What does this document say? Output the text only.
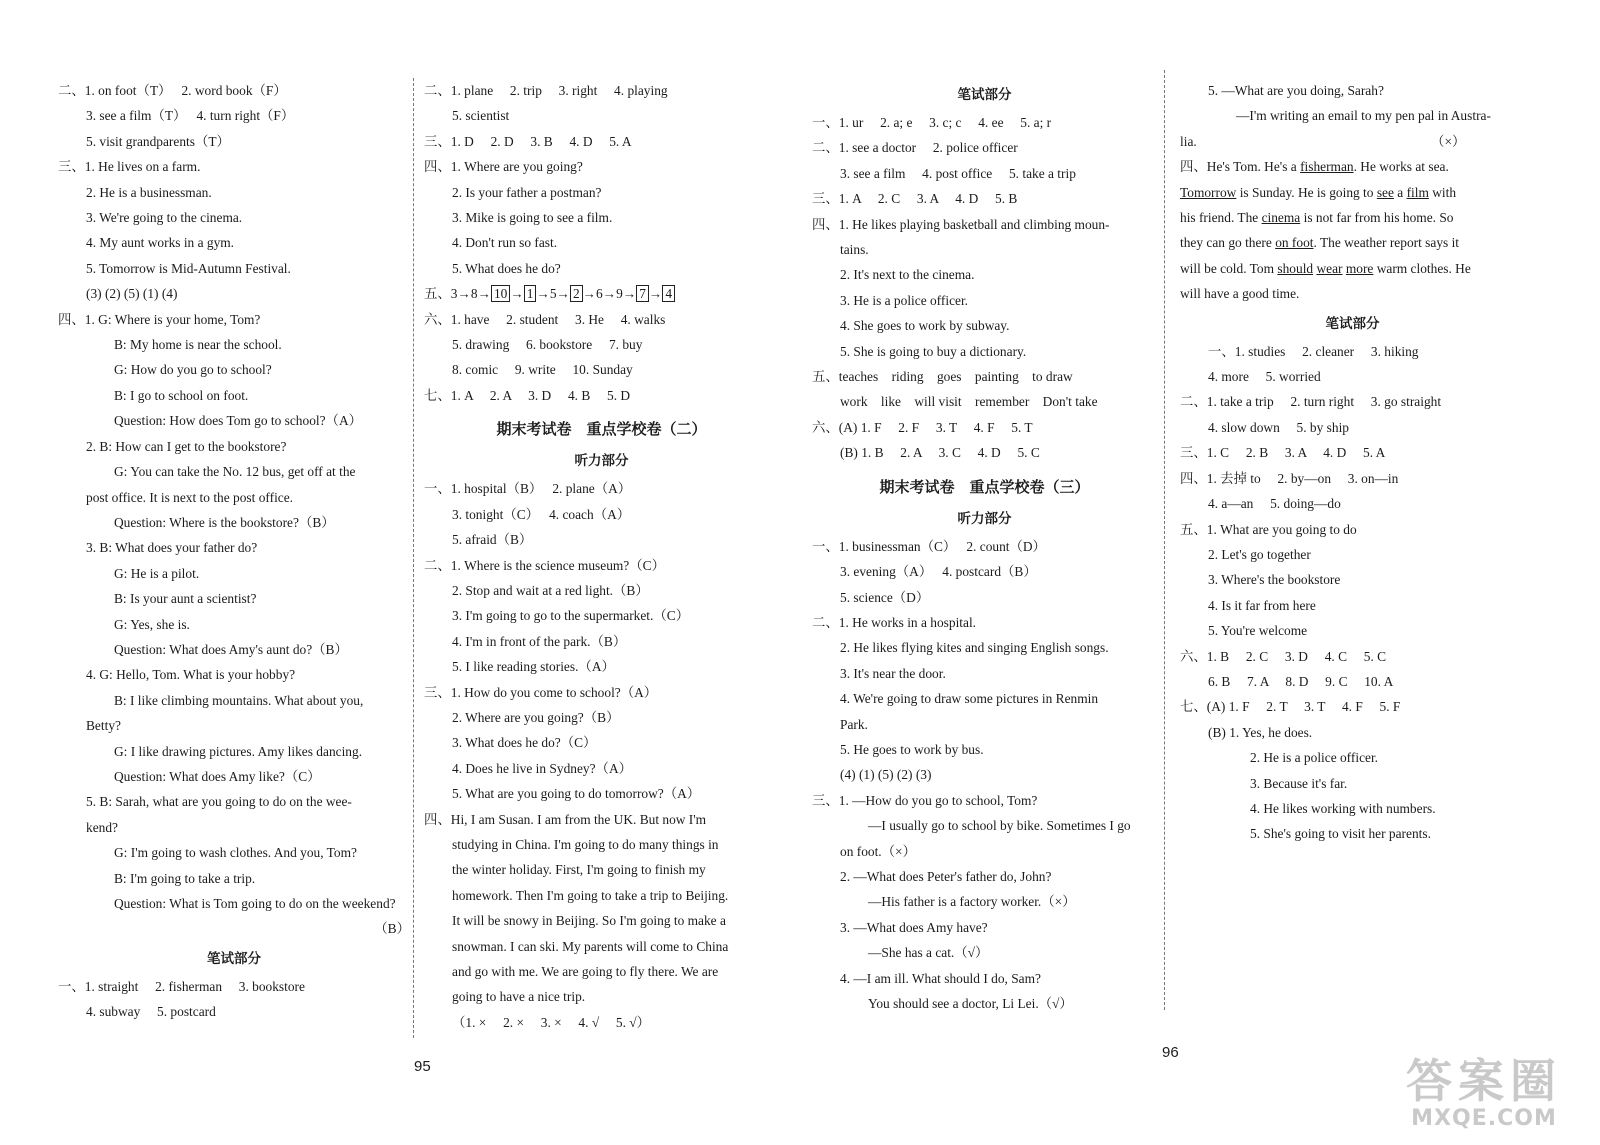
二、1. on foot（T）　 2. word book（F）
3. see a film（T）　 4. turn right（F）
5. visit grandparents（T）
三、1. He lives on a farm.
2. He is a businessman.
3. We're going to the cinema.
4. My aunt works in a gym.
5. Tomorrow is Mid-Autumn Festival.
(3) (2) (5) (1) (4)
四、1. G: Where is your home, Tom?
B: My home is near the school.
G: How do you go to school?
B: I go to school on foot.
Question: How does Tom go to school?（A）
2. B: How can I get to the bookstore?
G: You can take the No. 12 bus, get off at the
post office. It is next to the post office.
Question: Where is the bookstore?（B）
3. B: What does your father do?
G: He is a pilot.
B: Is your aunt a scientist?
G: Yes, she is.
Question: What does Amy's aunt do?（B）
4. G: Hello, Tom. What is your hobby?
B: I like climbing mountains. What about you,
Betty?
G: I like drawing pictures. Amy likes dancing.
Question: What does Amy like?（C）
5. B: Sarah, what are you going to do on the wee-
kend?
G: I'm going to wash clothes. And you, Tom?
B: I'm going to take a trip.
Question: What is Tom going to do on the weekend?
（B）
笔试部分
一、1. straight　 2. fisherman　 3. bookstore
4. subway　 5. postcard
二、1. plane　 2. trip　 3. right　 4. playing
5. scientist
三、1. D　 2. D　 3. B　 4. D　 5. A
四、1. Where are you going?
2. Is your father a postman?
3. Mike is going to see a film.
4. Don't run so fast.
5. What does he do?
五、3→8→ 10 → 1 →5→ 2 →6→9→ 7 → 4
六、1. have　 2. student　 3. He　 4. walks
5. drawing　 6. bookstore　 7. buy
8. comic　 9. write　 10. Sunday
七、1. A　 2. A　 3. D　 4. B　 5. D
期末考试卷　重点学校卷（二）
听力部分
一、1. hospital（B）　 2. plane（A）
3. tonight（C）　 4. coach（A）
5. afraid（B）
二、1. Where is the science museum?（C）
2. Stop and wait at a red light.（B）
3. I'm going to go to the supermarket.（C）
4. I'm in front of the park.（B）
5. I like reading stories.（A）
三、1. How do you come to school?（A）
2. Where are you going?（B）
3. What does he do?（C）
4. Does he live in Sydney?（A）
5. What are you going to do tomorrow?（A）
四、Hi, I am Susan. I am from the UK. But now I'm
studying in China. I'm going to do many things in
the winter holiday. First, I'm going to finish my
homework. Then I'm going to take a trip to Beijing.
It will be snowy in Beijing. So I'm going to make a
snowman. I can ski. My parents will come to China
and go with me. We are going to fly there. We are
going to have a nice trip.
（1. ×　 2. ×　 3. ×　 4. √　 5. √）
笔试部分
一、1. ur　 2. a; e　 3. c; c　 4. ee　 5. a; r
二、1. see a doctor　 2. police officer
3. see a film　 4. post office　 5. take a trip
三、1. A　 2. C　 3. A　 4. D　 5. B
四、1. He likes playing basketball and climbing moun-
tains.
2. It's next to the cinema.
3. He is a police officer.
4. She goes to work by subway.
5. She is going to buy a dictionary.
五、teaches　riding　goes　painting　to draw
work　like　will visit　remember　Don't take
六、(A) 1. F　 2. F　 3. T　 4. F　 5. T
(B) 1. B　 2. A　 3. C　 4. D　 5. C
期末考试卷　重点学校卷（三）
听力部分
一、1. businessman（C）　 2. count（D）
3. evening（A）　 4. postcard（B）
5. science（D）
二、1. He works in a hospital.
2. He likes flying kites and singing English songs.
3. It's near the door.
4. We're going to draw some pictures in Renmin
Park.
5. He goes to work by bus.
(4) (1) (5) (2) (3)
三、1. —How do you go to school, Tom?
—I usually go to school by bike. Sometimes I go
on foot.（×）
2. —What does Peter's father do, John?
—His father is a factory worker.（×）
3. —What does Amy have?
—She has a cat.（√）
4. —I am ill. What should I do, Sam?
You should see a doctor, Li Lei.（√）
5. —What are you doing, Sarah?
—I'm writing an email to my pen pal in Austra-
lia.　　　　　　　　　　　　　　　　　　（×）
四、He's Tom. He's a fisherman. He works at sea.
Tomorrow is Sunday. He is going to see a film with
his friend. The cinema is not far from his home. So
they can go there on foot. The weather report says it
will be cold. Tom should wear more warm clothes. He
will have a good time.
笔试部分
一、1. studies　 2. cleaner　 3. hiking
4. more　 5. worried
二、1. take a trip　 2. turn right　 3. go straight
4. slow down　 5. by ship
三、1. C　 2. B　 3. A　 4. D　 5. A
四、1. 去掉 to　 2. by—on　 3. on—in
4. a—an　 5. doing—do
五、1. What are you going to do
2. Let's go together
3. Where's the bookstore
4. Is it far from here
5. You're welcome
六、1. B　 2. C　 3. D　 4. C　 5. C
6. B　 7. A　 8. D　 9. C　 10. A
七、(A) 1. F　 2. T　 3. T　 4. F　 5. F
(B) 1. Yes, he does.
2. He is a police officer.
3. Because it's far.
4. He likes working with numbers.
5. She's going to visit her parents.
95
96
答案圈
MXQE.COM
